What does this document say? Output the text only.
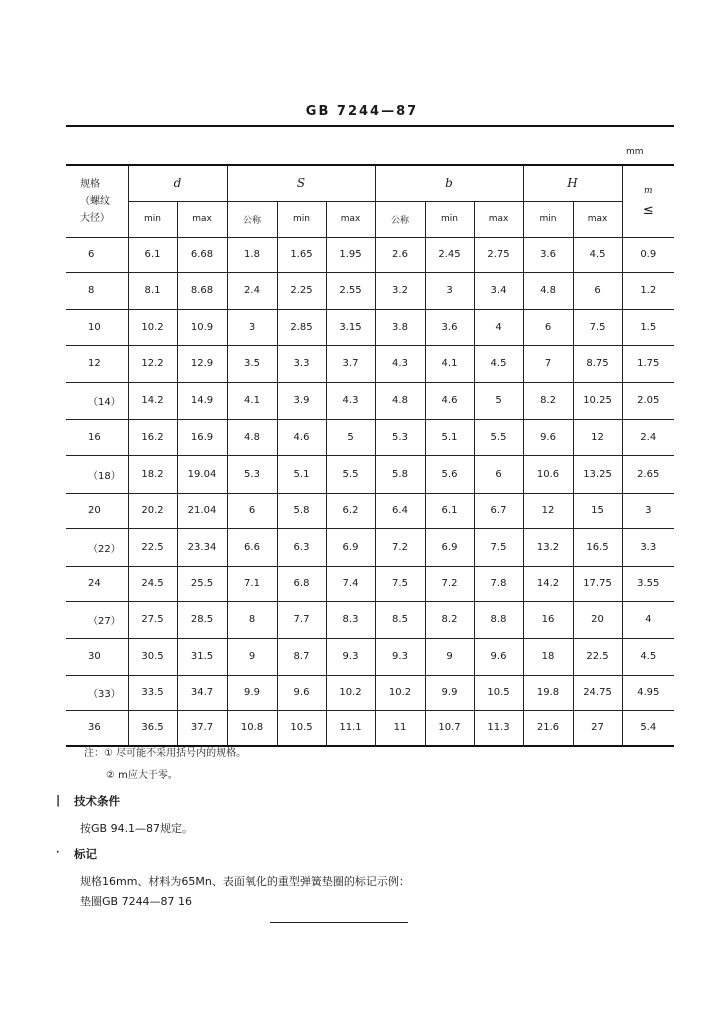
GB 7244—87
mm
规格
（螺纹
大径）	d		S			b			H		m
≤

	min	max	公称	min	max	公称	min	max	min	max	
6	6.1	6.68	1.8	1.65	1.95	2.6	2.45	2.75	3.6	4.5	0.9
8	8.1	8.68	2.4	2.25	2.55	3.2	3	3.4	4.8	6	1.2
10	10.2	10.9	3	2.85	3.15	3.8	3.6	4	6	7.5	1.5
12	12.2	12.9	3.5	3.3	3.7	4.3	4.1	4.5	7	8.75	1.75
（14）	14.2	14.9	4.1	3.9	4.3	4.8	4.6	5	8.2	10.25	2.05
16	16.2	16.9	4.8	4.6	5	5.3	5.1	5.5	9.6	12	2.4
（18）	18.2	19.04	5.3	5.1	5.5	5.8	5.6	6	10.6	13.25	2.65
20	20.2	21.04	6	5.8	6.2	6.4	6.1	6.7	12	15	3
（22）	22.5	23.34	6.6	6.3	6.9	7.2	6.9	7.5	13.2	16.5	3.3
24	24.5	25.5	7.1	6.8	7.4	7.5	7.2	7.8	14.2	17.75	3.55
（27）	27.5	28.5	8	7.7	8.3	8.5	8.2	8.8	16	20	4
30	30.5	31.5	9	8.7	9.3	9.3	9	9.6	18	22.5	4.5
（33）	33.5	34.7	9.9	9.6	10.2	10.2	9.9	10.5	19.8	24.75	4.95
36	36.5	37.7	10.8	10.5	11.1	11	10.7	11.3	21.6	27	5.4
注：① 尽可能不采用括号内的规格。
② m应大于零。
| 技术条件
按GB 94.1—87规定。
· 标记
规格16mm、材料为65Mn、表面氧化的重型弹簧垫圈的标记示例：
垫圈GB 7244—87 16
